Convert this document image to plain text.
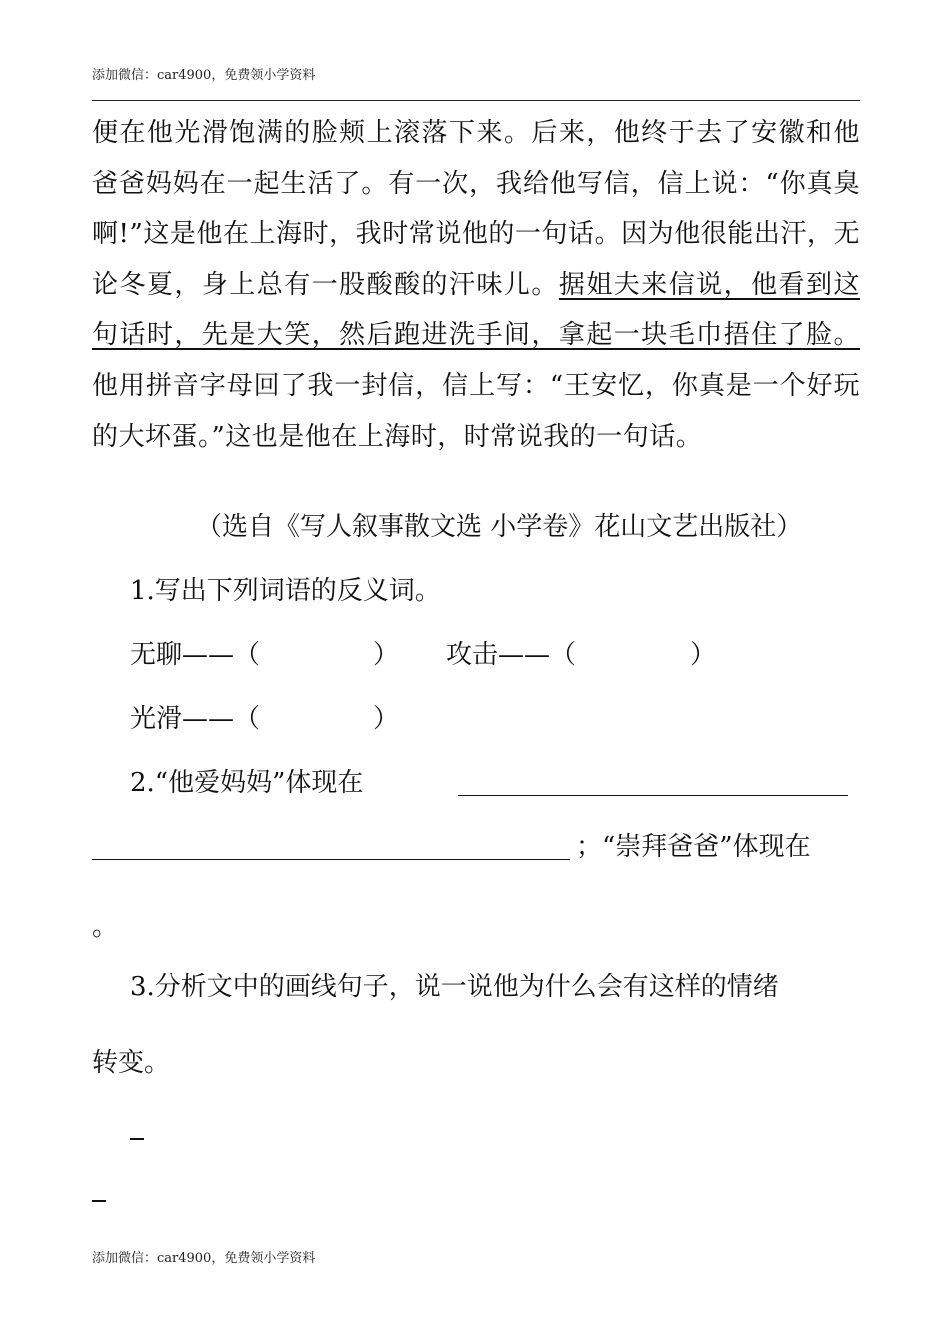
添加微信：car4900，免费领小学资料
便在他光滑饱满的脸颊上滚落下来。后来，他终于去了安徽和他爸爸妈妈在一起生活了。有一次，我给他写信，信上说：“你真臭啊!”这是他在上海时，我时常说他的一句话。因为他很能出汗，无论冬夏，身上总有一股酸酸的汗味儿。据姐夫来信说，他看到这句话时，先是大笑，然后跑进洗手间，拿起一块毛巾捂住了脸。他用拼音字母回了我一封信，信上写：“王安忆，你真是一个好玩的大坏蛋。”这也是他在上海时，时常说我的一句话。
（选自《写人叙事散文选 小学卷》花山文艺出版社）
1.写出下列词语的反义词。
无聊——（	） 攻击——（	）
光滑——（	）
2.“他爱妈妈”体现在
；“崇拜爸爸”体现在
。
3.分析文中的画线句子，说一说他为什么会有这样的情绪
转变。
添加微信：car4900，免费领小学资料
